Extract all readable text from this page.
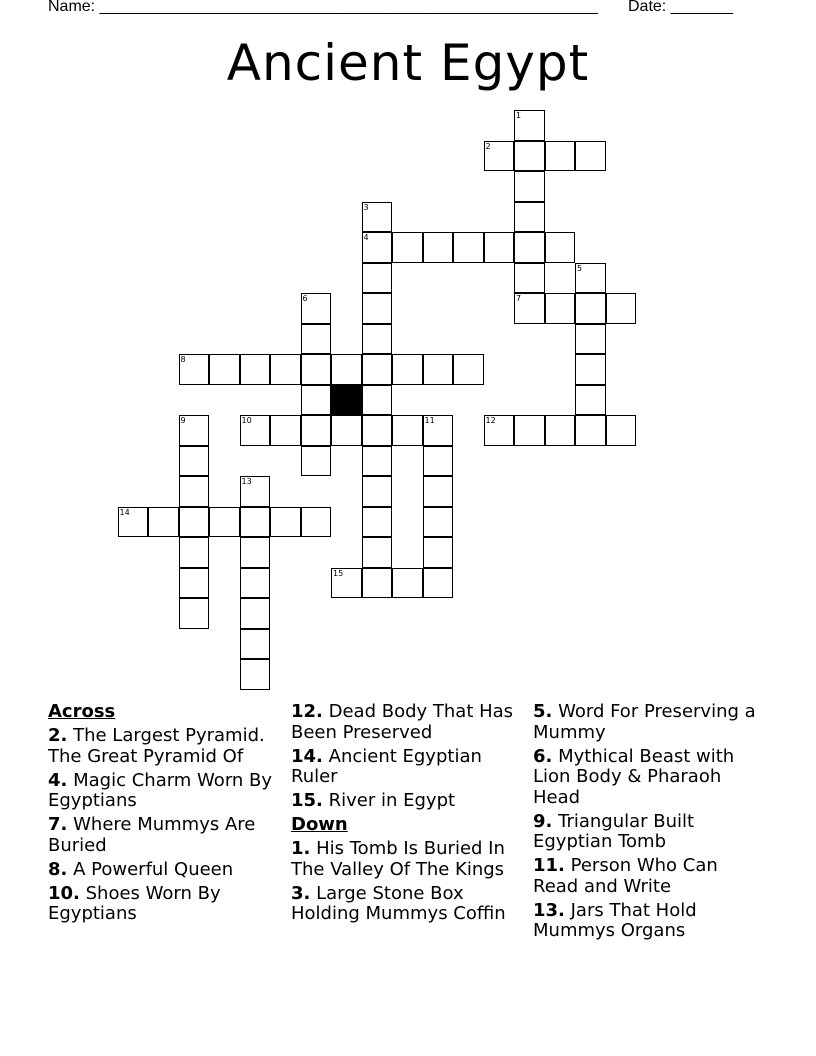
Name: ________________________________________________________ Date: _______
Ancient Egypt
1
7
2
3
4
5
6
8
9	10	11	12
13
14
15
Across
2. The Largest Pyramid. The Great Pyramid Of
4. Magic Charm Worn By Egyptians
7. Where Mummys Are Buried
8. A Powerful Queen
10. Shoes Worn By Egyptians
12. Dead Body That Has Been Preserved
14. Ancient Egyptian Ruler
15. River in Egypt
Down
1. His Tomb Is Buried In The Valley Of The Kings
3. Large Stone Box Holding Mummys Coffin
5. Word For Preserving a Mummy
6. Mythical Beast with Lion Body & Pharaoh Head
9. Triangular Built Egyptian Tomb
11. Person Who Can Read and Write
13. Jars That Hold Mummys Organs
